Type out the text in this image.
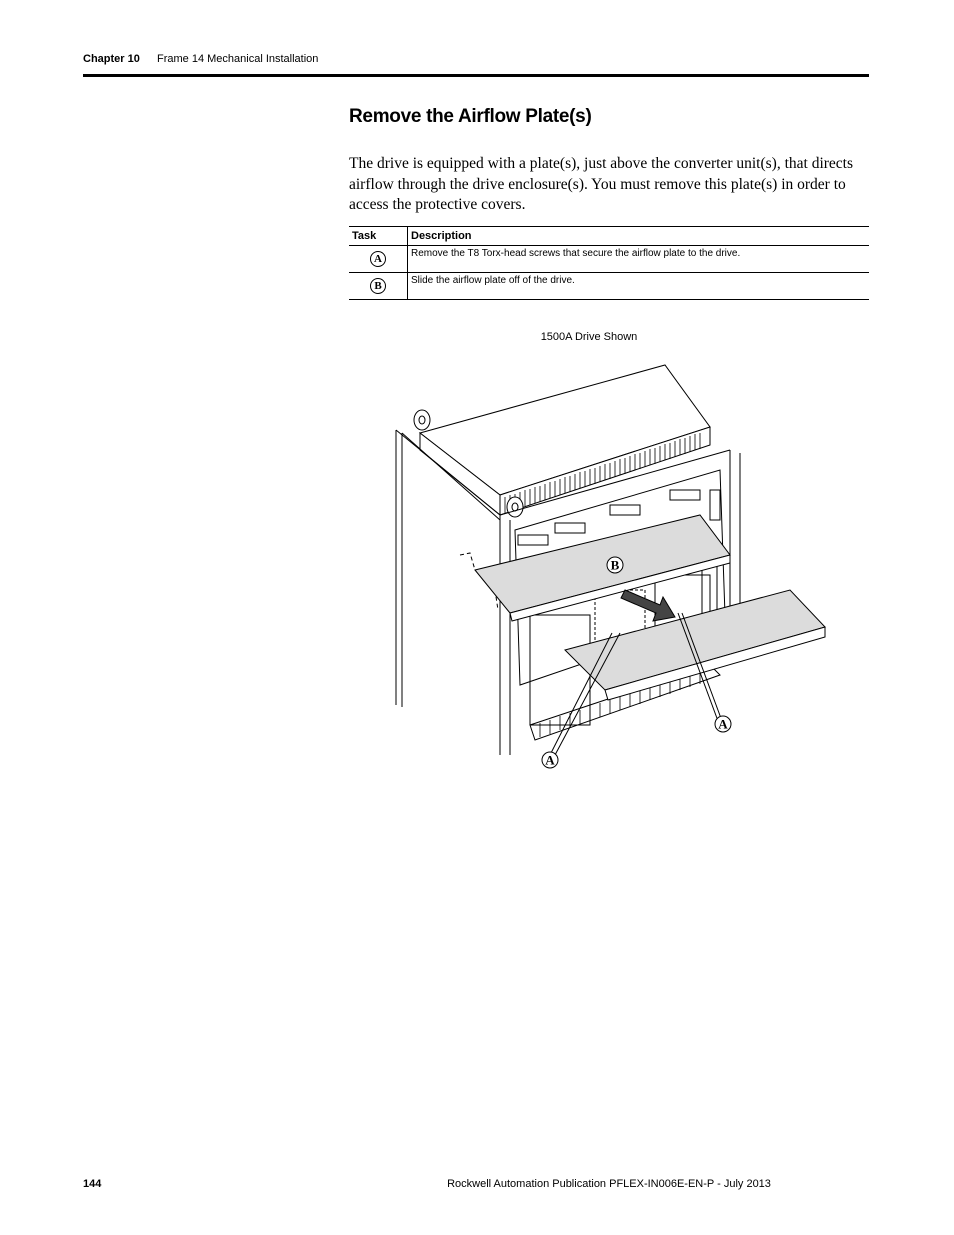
Chapter 10 Frame 14 Mechanical Installation
Remove the Airflow Plate(s)
The drive is equipped with a plate(s), just above the converter unit(s), that directs airflow through the drive enclosure(s). You must remove this plate(s) in order to access the protective covers.
Task	Description
A	Remove the T8 Torx-head screws that secure the airflow plate to the drive.
B	Slide the airflow plate off of the drive.
1500A Drive Shown
B
A
A
144	Rockwell Automation Publication PFLEX-IN006E-EN-P - July 2013
